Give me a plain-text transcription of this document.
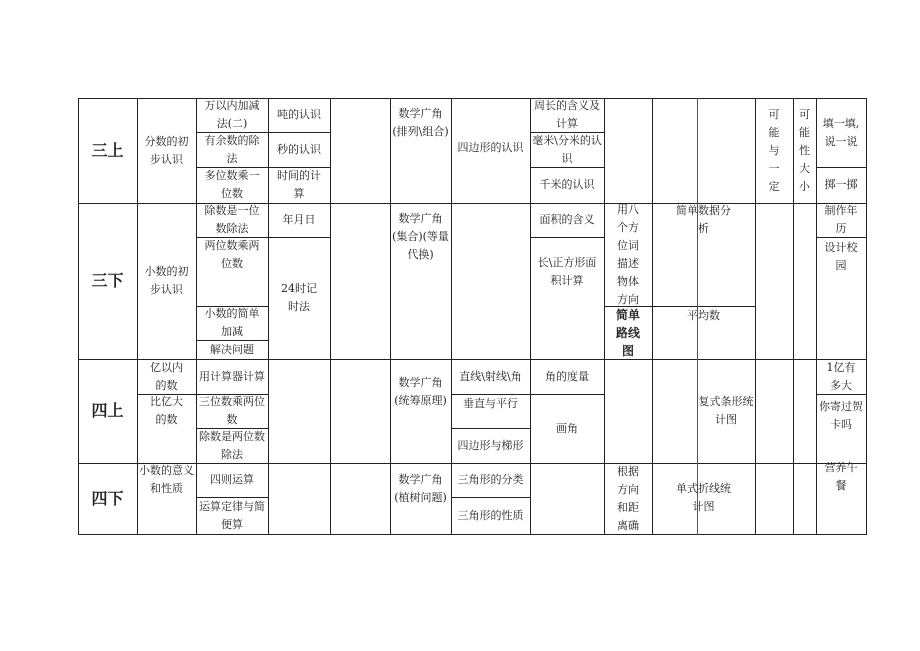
三上	分数的初步认识
万以内加减法(二)
有余数的除法
多位数乘一位数
吨的认识
秒的认识
时间的计算
数学广角(排列\组合)
四边形的认识
周长的含义及计算
毫米\分米的认识
千米的认识
可能与一定
可能性大小
填一填,说一说
掷一掷
三下	小数的初步认识
除数是一位数除法
两位数乘两位数
小数的简单加减
解决问题
年月日
24时记时法
数学广角(集合)(等量代换)
面积的含义
长\正方形面积计算
用八个方位词描述物体方向
简单路线图
简单数据分析
平均数
制作年历
设计校园
四上
亿以内的数
比亿大的数
用计算器计算
三位数乘两位数
除数是两位数除法
数学广角(统筹原理)
直线\射线\角
垂直与平行
四边形与梯形
角的度量
画角
复式条形统计图
1亿有多大
你寄过贺卡吗
四下
小数的意义和性质
四则运算
运算定律与简便算
数学广角(植树问题)
三角形的分类
三角形的性质
根据方向和距离确
单式折线统计图
营养午餐
